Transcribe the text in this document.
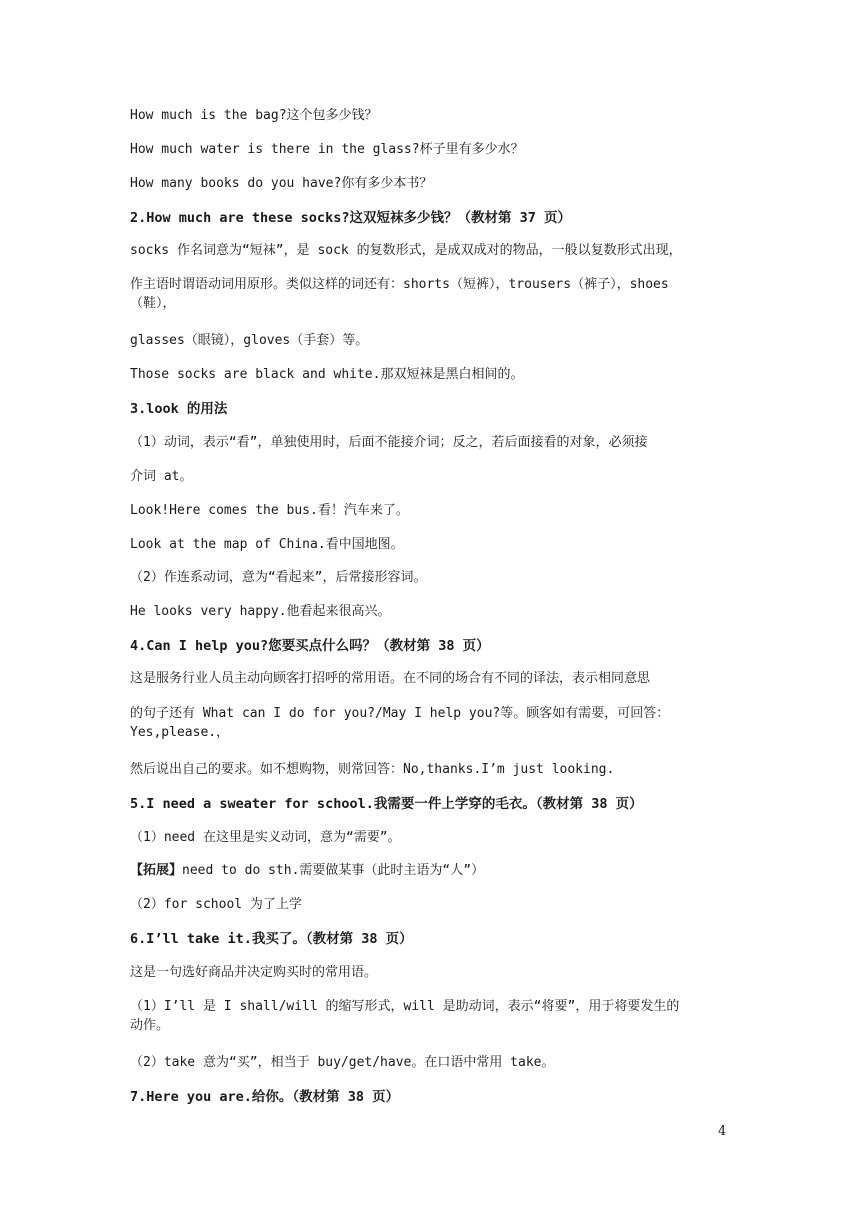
How much is the bag?这个包多少钱？
How much water is there in the glass?杯子里有多少水？
How many books do you have?你有多少本书？
2.How much are these socks?这双短袜多少钱？（教材第 37 页）
socks 作名词意为“短袜”，是 sock 的复数形式，是成双成对的物品，一般以复数形式出现，
作主语时谓语动词用原形。类似这样的词还有：shorts（短裤），trousers（裤子），shoes
（鞋），
glasses（眼镜），gloves（手套）等。
Those socks are black and white.那双短袜是黑白相间的。
3.look 的用法
（1）动词，表示“看”，单独使用时，后面不能接介词；反之，若后面接看的对象，必须接
介词 at。
Look!Here comes the bus.看！汽车来了。
Look at the map of China.看中国地图。
（2）作连系动词，意为“看起来”，后常接形容词。
He looks very happy.他看起来很高兴。
4.Can I help you?您要买点什么吗？（教材第 38 页）
这是服务行业人员主动向顾客打招呼的常用语。在不同的场合有不同的译法，表示相同意思
的句子还有 What can I do for you?/May I help you?等。顾客如有需要，可回答：
Yes,please.，
然后说出自己的要求。如不想购物，则常回答：No,thanks.I’m just looking.
5.I need a sweater for school.我需要一件上学穿的毛衣。（教材第 38 页）
（1）need 在这里是实义动词，意为“需要”。
【拓展】need to do sth.需要做某事（此时主语为“人”）
（2）for school 为了上学
6.I’ll take it.我买了。（教材第 38 页）
这是一句选好商品并决定购买时的常用语。
（1）I’ll 是 I shall/will 的缩写形式，will 是助动词，表示“将要”，用于将要发生的
动作。
（2）take 意为“买”，相当于 buy/get/have。在口语中常用 take。
7.Here you are.给你。（教材第 38 页）
4
